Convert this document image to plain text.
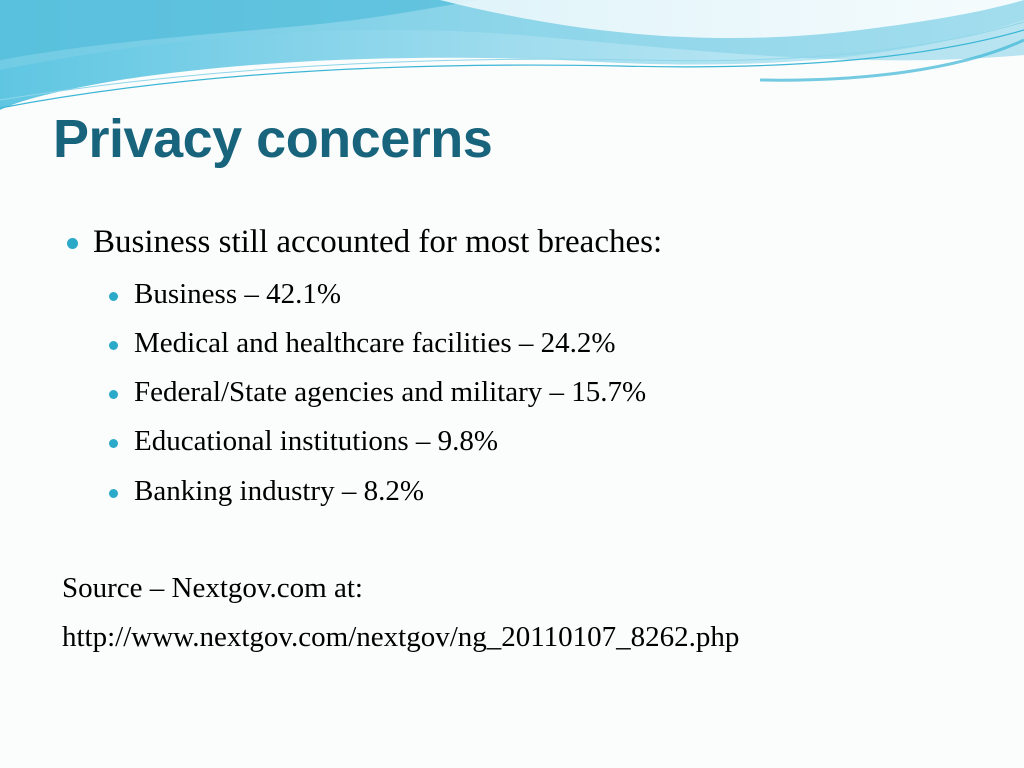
Privacy concerns
Business still accounted for most breaches:
Business – 42.1%
Medical and healthcare facilities – 24.2%
Federal/State agencies and military – 15.7%
Educational institutions – 9.8%
Banking industry – 8.2%
Source – Nextgov.com at:
http://www.nextgov.com/nextgov/ng_20110107_8262.php
